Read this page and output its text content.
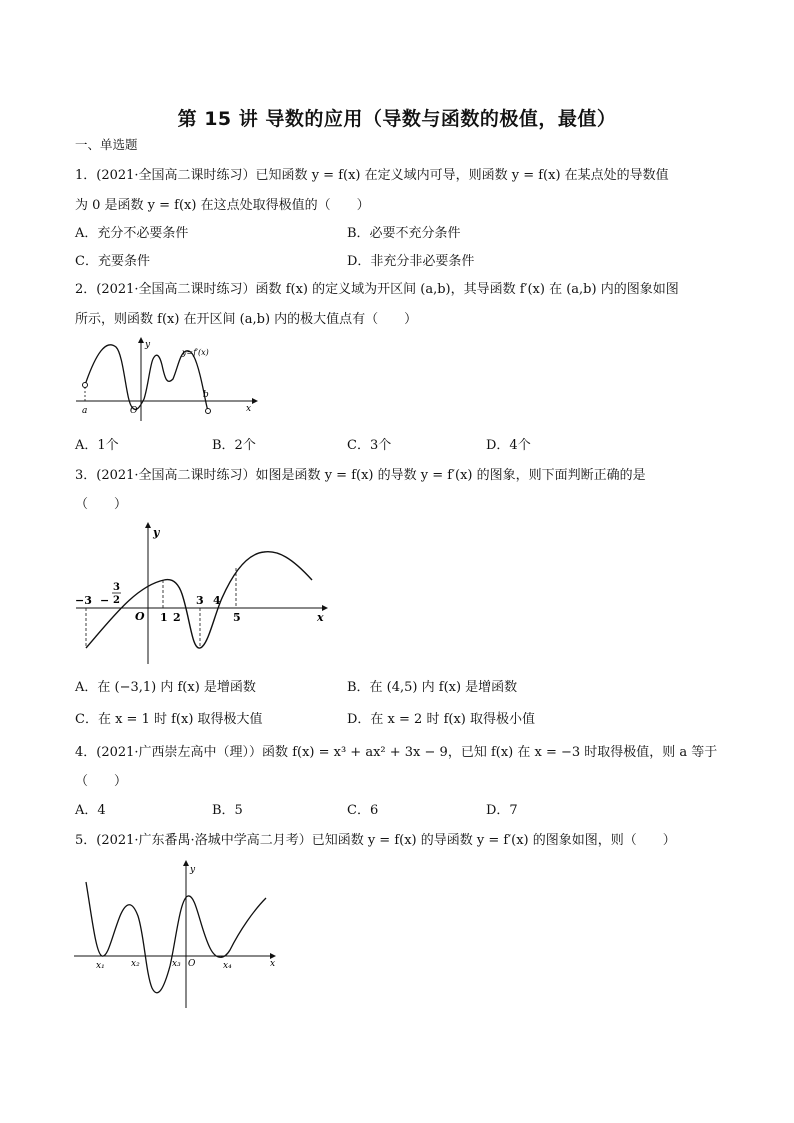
第 15 讲 导数的应用（导数与函数的极值，最值）
一、单选题
1．(2021·全国高二课时练习）已知函数 y = f(x) 在定义域内可导，则函数 y = f(x) 在某点处的导数值
为 0 是函数 y = f(x) 在这点处取得极值的（　　）
A．充分不必要条件	B．必要不充分条件
C．充要条件	D．非充分非必要条件
2．(2021·全国高二课时练习）函数 f(x) 的定义域为开区间 (a,b)，其导函数 f′(x) 在 (a,b) 内的图象如图
所示，则函数 f(x) 在开区间 (a,b) 内的极大值点有（　　）
y
y=f′(x)
a
b
O	x
A．1个	B．2个	C．3个	D．4个
3．(2021·全国高二课时练习）如图是函数 y = f(x) 的导数 y = f′(x) 的图象，则下面判断正确的是
（　　）
y
−3 −
3
2
O 1 2
3 4
5	x
A．在 (−3,1) 内 f(x) 是增函数	B．在 (4,5) 内 f(x) 是增函数
C．在 x = 1 时 f(x) 取得极大值	D．在 x = 2 时 f(x) 取得极小值
4．(2021·广西崇左高中（理））函数 f(x) = x³ + ax² + 3x − 9，已知 f(x) 在 x = −3 时取得极值，则 a 等于
（　　）
A．4	B．5	C．6	D．7
5．(2021·广东番禺·洛城中学高二月考）已知函数 y = f(x) 的导函数 y = f′(x) 的图象如图，则（　　）
y
x₁	x₂	x₃ O	x₄	x
